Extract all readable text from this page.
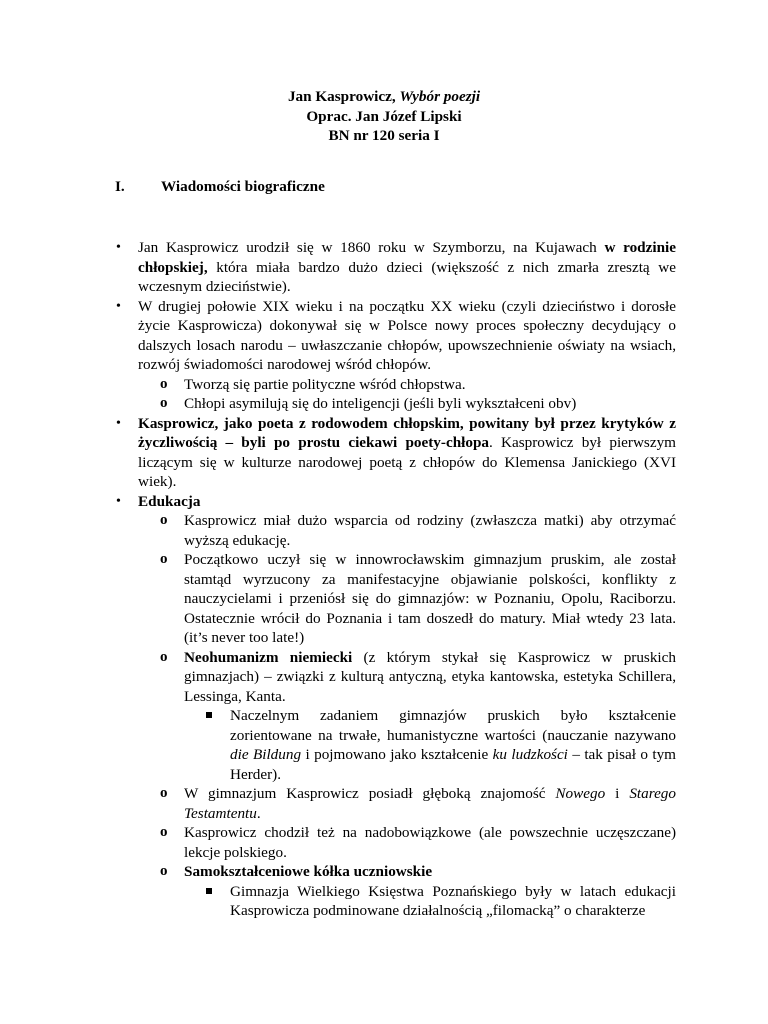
Jan Kasprowicz, Wybór poezji
Oprac. Jan Józef Lipski
BN nr 120 seria I
I. Wiadomości biograficzne
• Jan Kasprowicz urodził się w 1860 roku w Szymborzu, na Kujawach w rodzinie chłopskiej, która miała bardzo dużo dzieci (większość z nich zmarła zresztą we wczesnym dzieciństwie).
• W drugiej połowie XIX wieku i na początku XX wieku (czyli dzieciństwo i dorosłe życie Kasprowicza) dokonywał się w Polsce nowy proces społeczny decydujący o dalszych losach narodu – uwłaszczanie chłopów, upowszechnienie oświaty na wsiach, rozwój świadomości narodowej wśród chłopów.
o Tworzą się partie polityczne wśród chłopstwa.
o Chłopi asymilują się do inteligencji (jeśli byli wykształceni obv)
• Kasprowicz, jako poeta z rodowodem chłopskim, powitany był przez krytyków z życzliwością – byli po prostu ciekawi poety-chłopa. Kasprowicz był pierwszym liczącym się w kulturze narodowej poetą z chłopów do Klemensa Janickiego (XVI wiek).
• Edukacja
o Kasprowicz miał dużo wsparcia od rodziny (zwłaszcza matki) aby otrzymać wyższą edukację.
o Początkowo uczył się w innowrocławskim gimnazjum pruskim, ale został stamtąd wyrzucony za manifestacyjne objawianie polskości, konflikty z nauczycielami i przeniósł się do gimnazjów: w Poznaniu, Opolu, Raciborzu. Ostatecznie wrócił do Poznania i tam doszedł do matury. Miał wtedy 23 lata. (it’s never too late!)
o Neohumanizm niemiecki (z którym stykał się Kasprowicz w pruskich gimnazjach) – związki z kulturą antyczną, etyka kantowska, estetyka Schillera, Lessinga, Kanta.
Naczelnym zadaniem gimnazjów pruskich było kształcenie zorientowane na trwałe, humanistyczne wartości (nauczanie nazywano die Bildung i pojmowano jako kształcenie ku ludzkości – tak pisał o tym Herder).
o W gimnazjum Kasprowicz posiadł głęboką znajomość Nowego i Starego Testamtentu.
o Kasprowicz chodził też na nadobowiązkowe (ale powszechnie uczęszczane) lekcje polskiego.
o Samokształceniowe kółka uczniowskie
Gimnazja Wielkiego Księstwa Poznańskiego były w latach edukacji Kasprowicza podminowane działalnością „filomacką” o charakterze
